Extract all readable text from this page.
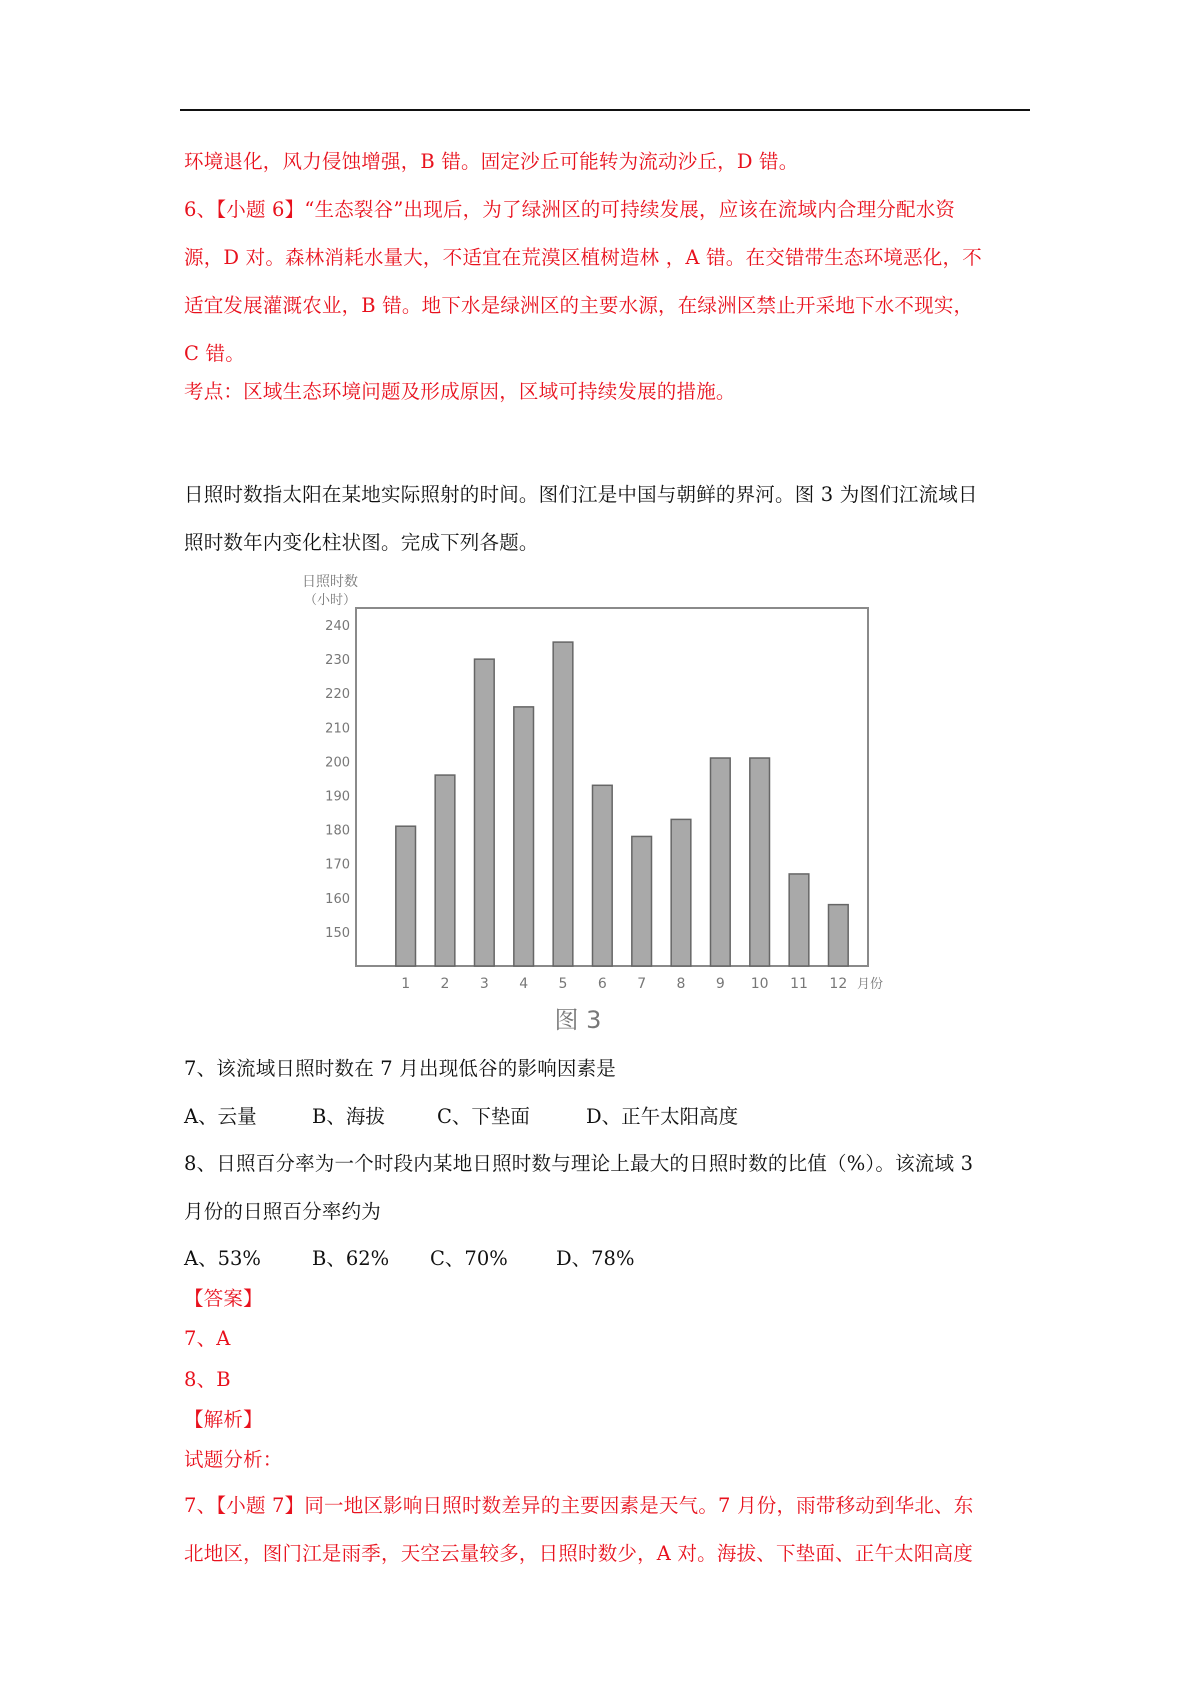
环境退化，风力侵蚀增强，B 错。固定沙丘可能转为流动沙丘，D 错。
6、【小题 6】“生态裂谷”出现后，为了绿洲区的可持续发展，应该在流域内合理分配水资
源，D 对。森林消耗水量大，不适宜在荒漠区植树造林 ，A 错。在交错带生态环境恶化，不
适宜发展灌溉农业，B 错。地下水是绿洲区的主要水源，在绿洲区禁止开采地下水不现实，
C 错。
考点：区域生态环境问题及形成原因，区域可持续发展的措施。
日照时数指太阳在某地实际照射的时间。图们江是中国与朝鲜的界河。图 3 为图们江流域日
照时数年内变化柱状图。完成下列各题。
日照时数
（小时）
150
160
170
180
190
200
210
220
230
240
1 2 3 4 5 6 7 8 9 10 11 12 月份
图 3
7、该流域日照时数在 7 月出现低谷的影响因素是
A、云量	B、海拔	C、下垫面	D、正午太阳高度
8、日照百分率为一个时段内某地日照时数与理论上最大的日照时数的比值（%）。该流域 3
月份的日照百分率约为
A、53%	B、62% C、70% D、78%
【答案】
7、A
8、B
【解析】
试题分析：
7、【小题 7】同一地区影响日照时数差异的主要因素是天气。7 月份，雨带移动到华北、东
北地区，图门江是雨季，天空云量较多，日照时数少，A 对。海拔、下垫面、正午太阳高度
